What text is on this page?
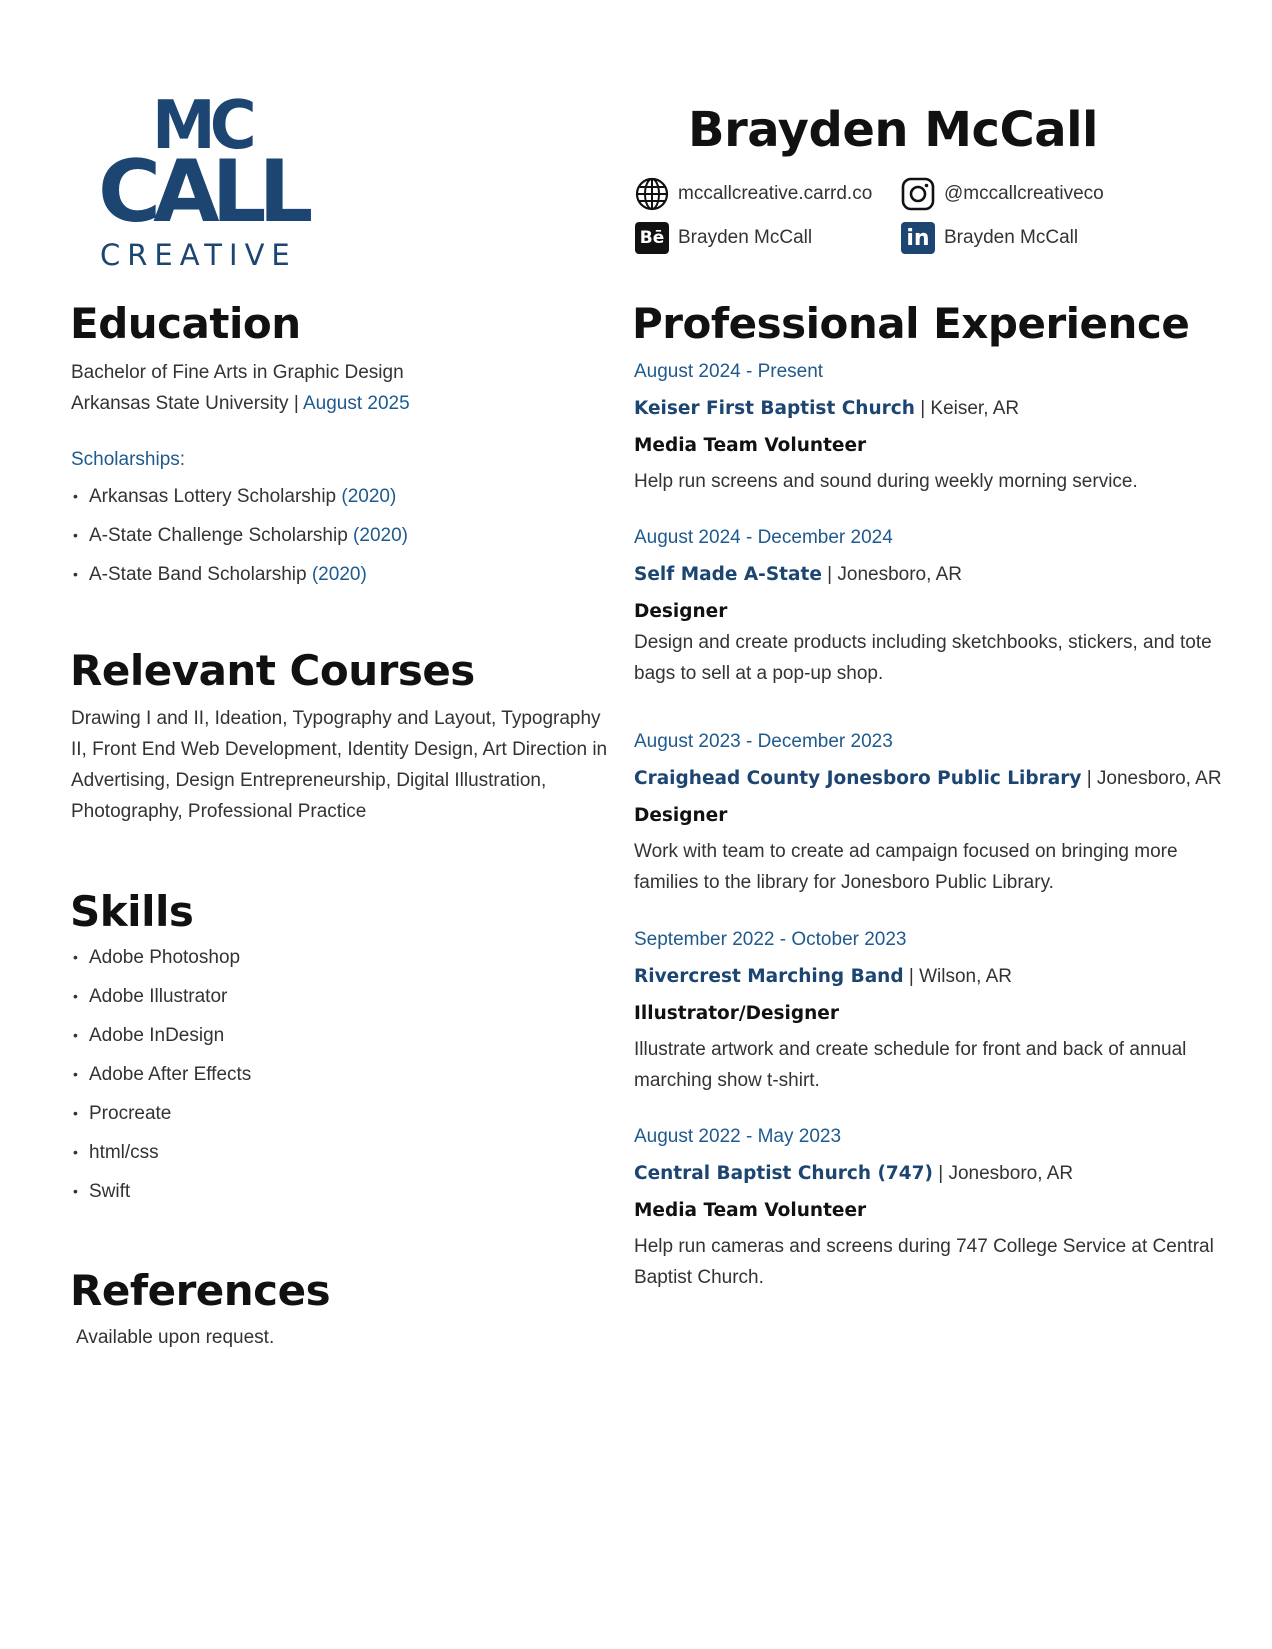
MC
CALL
CREATIVE
Brayden McCall
mccallcreative.carrd.co	@mccallcreativeco
Bē Brayden McCall	in Brayden McCall
Education
Bachelor of Fine Arts in Graphic Design
Arkansas State University | August 2025
Scholarships:
• Arkansas Lottery Scholarship (2020)
• A-State Challenge Scholarship (2020)
• A-State Band Scholarship (2020)
Relevant Courses
Drawing I and II, Ideation, Typography and Layout, Typography II, Front End Web Development, Identity Design, Art Direction in Advertising, Design Entrepreneurship, Digital Illustration, Photography, Professional Practice
Skills
• Adobe Photoshop
• Adobe Illustrator
• Adobe InDesign
• Adobe After Effects
• Procreate
• html/css
• Swift
References
Available upon request.
Professional Experience
August 2024 - Present
Keiser First Baptist Church | Keiser, AR
Media Team Volunteer
Help run screens and sound during weekly morning service.
August 2024 - December 2024
Self Made A-State | Jonesboro, AR
Designer
Design and create products including sketchbooks, stickers, and tote bags to sell at a pop-up shop.
August 2023 - December 2023
Craighead County Jonesboro Public Library | Jonesboro, AR
Designer
Work with team to create ad campaign focused on bringing more families to the library for Jonesboro Public Library.
September 2022 - October 2023
Rivercrest Marching Band | Wilson, AR
Illustrator/Designer
Illustrate artwork and create schedule for front and back of annual marching show t-shirt.
August 2022 - May 2023
Central Baptist Church (747) | Jonesboro, AR
Media Team Volunteer
Help run cameras and screens during 747 College Service at Central Baptist Church.
